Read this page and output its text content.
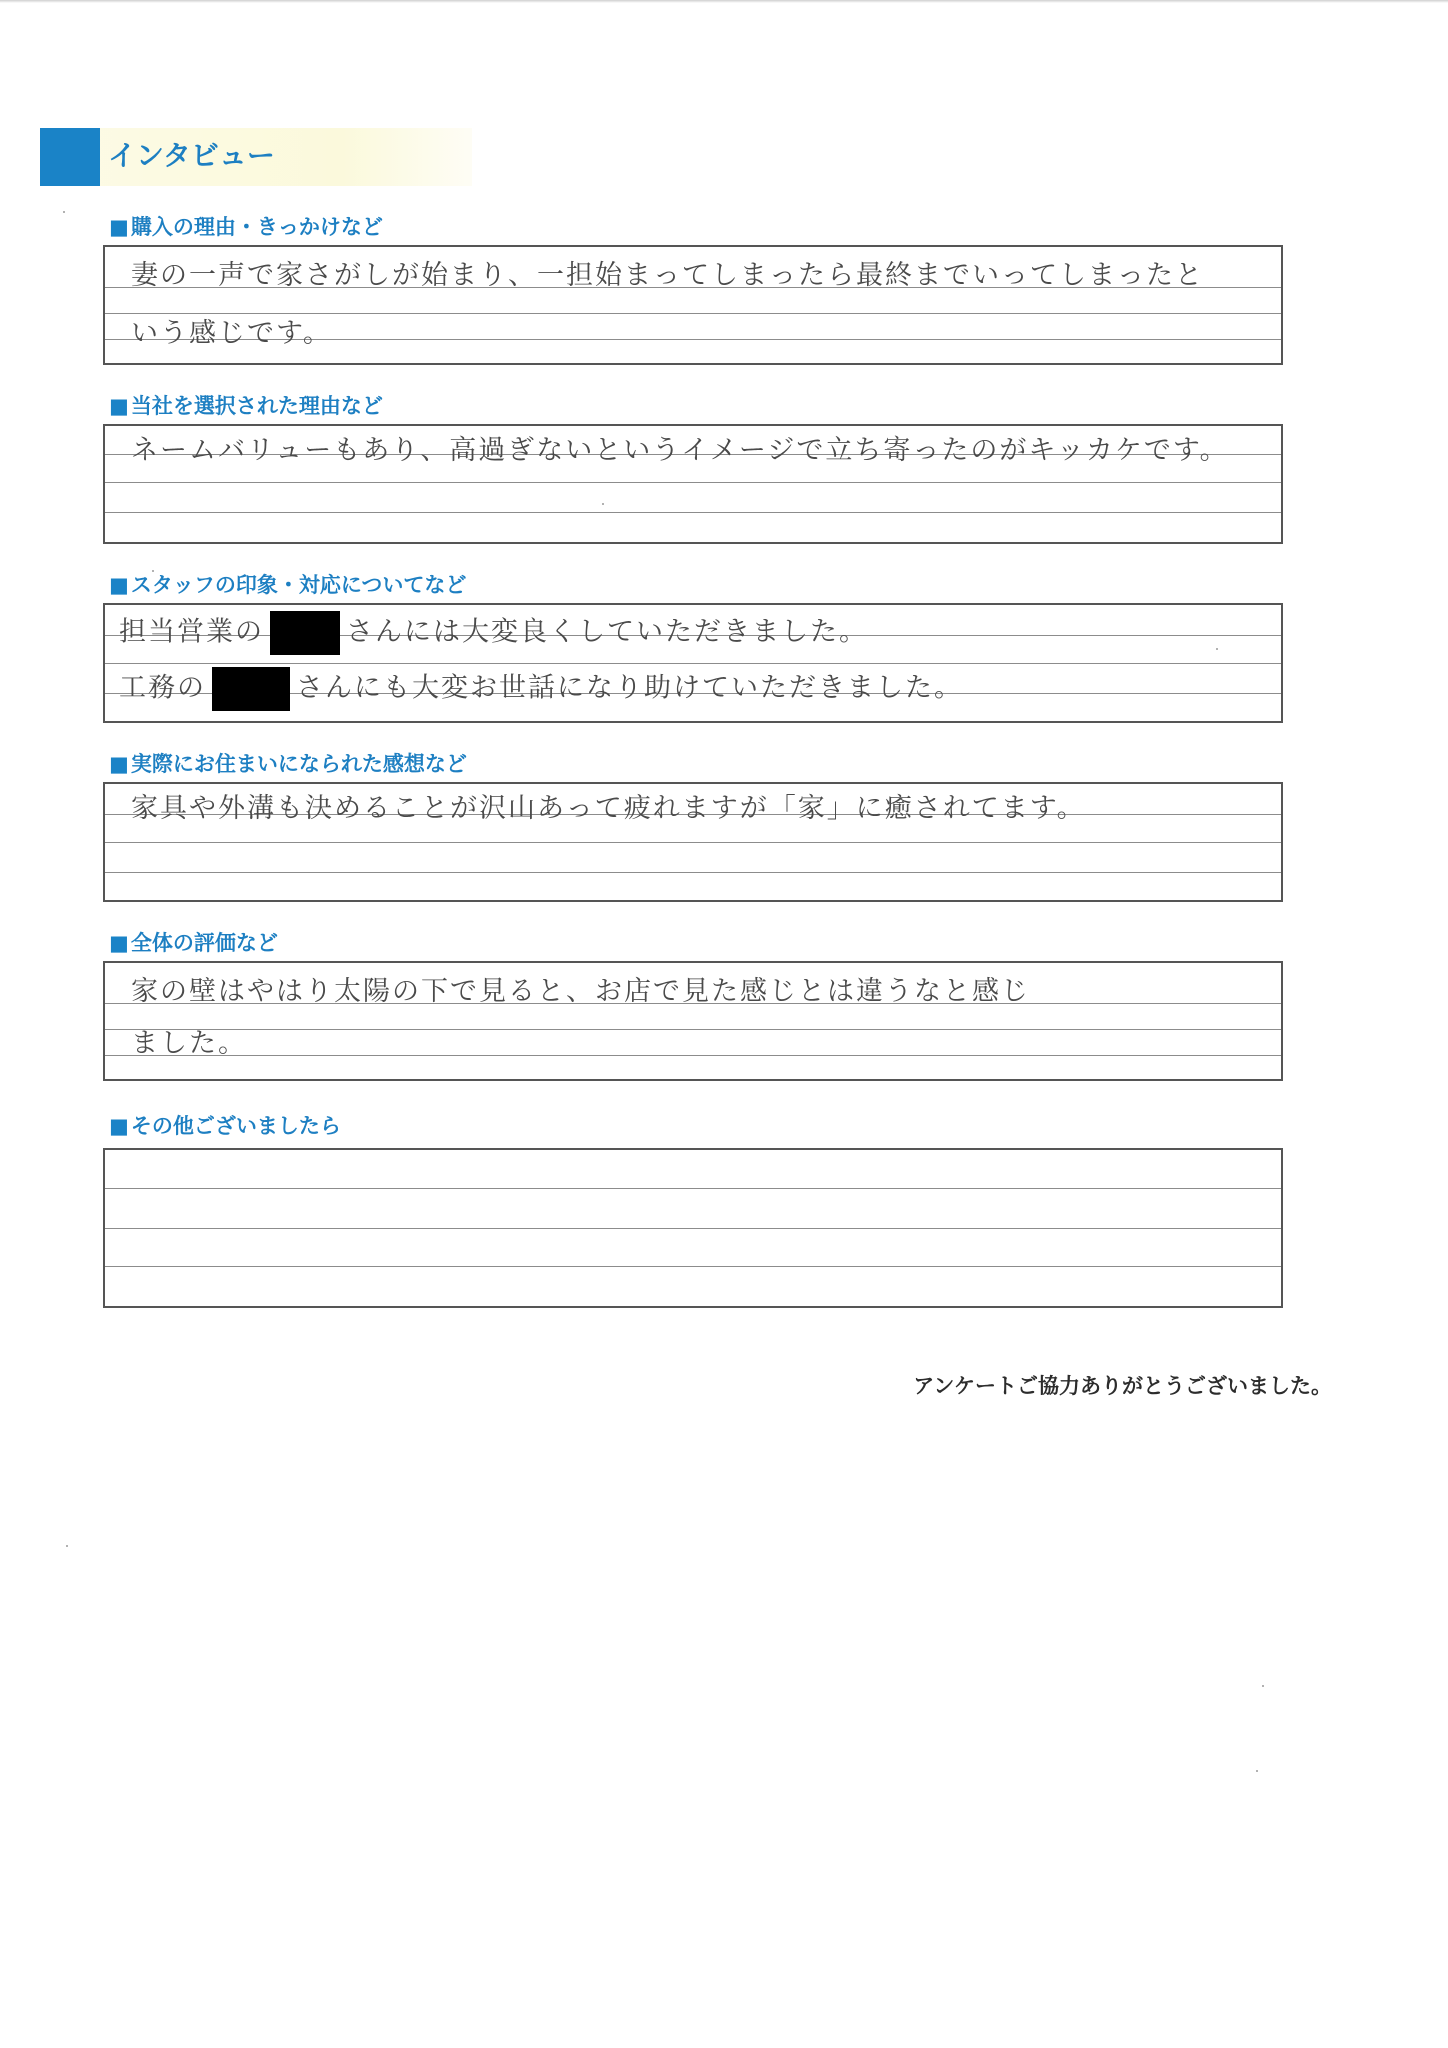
インタビュー
■購入の理由・きっかけなど
妻の一声で家さがしが始まり、一担始まってしまったら最終までいってしまったと
いう感じです。
■当社を選択された理由など
ネームバリューもあり、高過ぎないというイメージで立ち寄ったのがキッカケです。
■スタッフの印象・対応についてなど
担当営業の	さんには大変良くしていただきました。
工務の	さんにも大変お世話になり助けていただきました。
■実際にお住まいになられた感想など
家具や外溝も決めることが沢山あって疲れますが「家」に癒されてます。
■全体の評価など
家の壁はやはり太陽の下で見ると、お店で見た感じとは違うなと感じ
ました。
■その他ございましたら
アンケートご協力ありがとうございました。
